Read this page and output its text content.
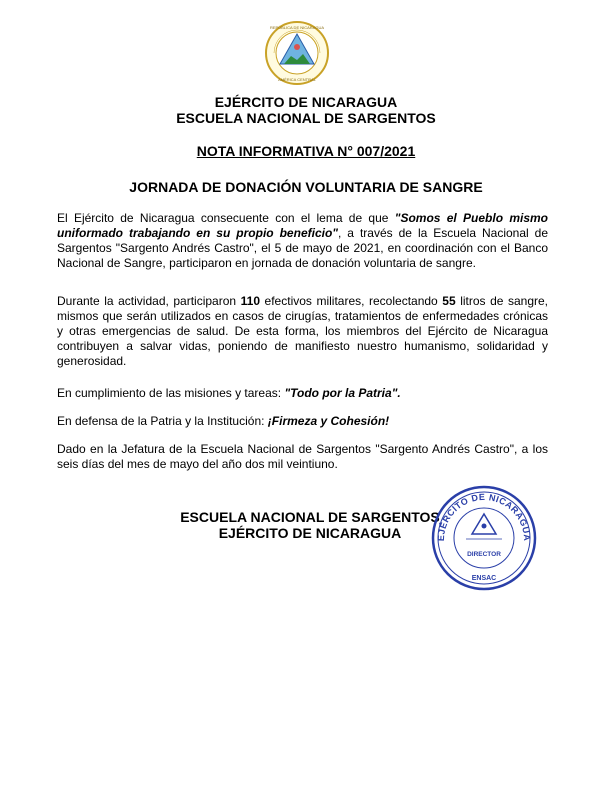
REPÚBLICA DE NICARAGUA
AMÉRICA CENTRAL
EJÉRCITO DE NICARAGUA
ESCUELA NACIONAL DE SARGENTOS
NOTA INFORMATIVA N° 007/2021
JORNADA DE DONACIÓN VOLUNTARIA DE SANGRE
El Ejército de Nicaragua consecuente con el lema de que "Somos el Pueblo mismo uniformado trabajando en su propio beneficio", a través de la Escuela Nacional de Sargentos "Sargento Andrés Castro", el 5 de mayo de 2021, en coordinación con el Banco Nacional de Sangre, participaron en jornada de donación voluntaria de sangre.
Durante la actividad, participaron 110 efectivos militares, recolectando 55 litros de sangre, mismos que serán utilizados en casos de cirugías, tratamientos de enfermedades crónicas y otras emergencias de salud. De esta forma, los miembros del Ejército de Nicaragua contribuyen a salvar vidas, poniendo de manifiesto nuestro humanismo, solidaridad y generosidad.
En cumplimiento de las misiones y tareas: "Todo por la Patria".
En defensa de la Patria y la Institución: ¡Firmeza y Cohesión!
Dado en la Jefatura de la Escuela Nacional de Sargentos "Sargento Andrés Castro", a los seis días del mes de mayo del año dos mil veintiuno.
ESCUELA NACIONAL DE SARGENTOS
EJÉRCITO DE NICARAGUA	EJÉRCITO DE NICARAGUA
DIRECTOR
ENSAC
